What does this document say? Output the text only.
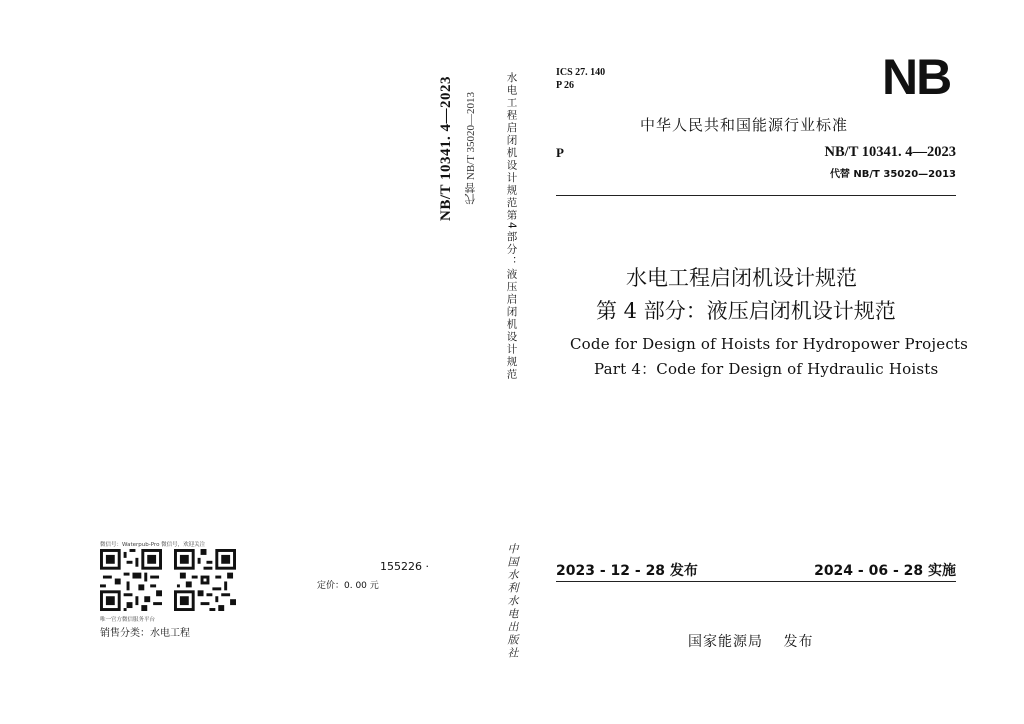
NB/T 10341. 4—2023 代替 NB/T 35020—2013	水电工程启闭机设计规范第4部分：液压启闭机设计规范
中国水利水电出版社
微信号：Waterpub-Pro 微信号，欢迎关注
唯一官方微信服务平台
销售分类：水电工程
155226 ·
定价：0. 00 元
ICS 27. 140
P 26	NB
中华人民共和国能源行业标准
P	NB/T 10341. 4—2023
代替 NB/T 35020—2013
水电工程启闭机设计规范
第 4 部分：液压启闭机设计规范
Code for Design of Hoists for Hydropower Projects
Part 4：Code for Design of Hydraulic Hoists
2023 - 12 - 28 发布	2024 - 06 - 28 实施
国家能源局　 发布
